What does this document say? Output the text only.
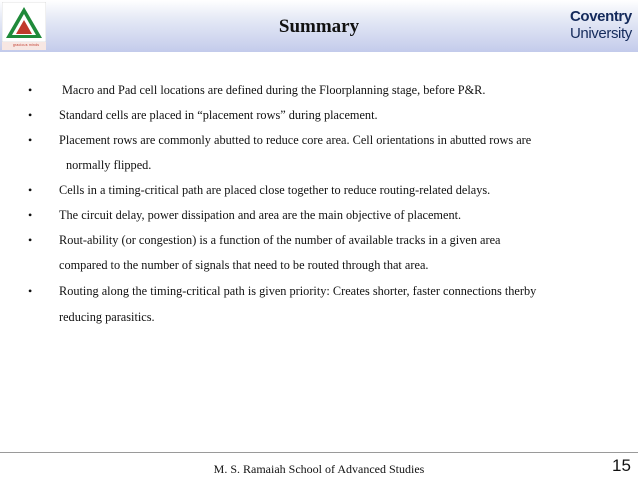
gracious minds
Summary	Coventry
University
• Macro and Pad cell locations are defined during the Floorplanning stage, before P&R.
• Standard cells are placed in “placement rows” during placement.
• Placement rows are commonly abutted to reduce core area. Cell orientations in abutted rows are
normally flipped.
• Cells in a timing-critical path are placed close together to reduce routing-related delays.
• The circuit delay, power dissipation and area are the main objective of placement.
• Rout-ability (or congestion) is a function of the number of available tracks in a given area
compared to the number of signals that need to be routed through that area.
• Routing along the timing-critical path is given priority: Creates shorter, faster connections therby
reducing parasitics.
M. S. Ramaiah School of Advanced Studies	15
